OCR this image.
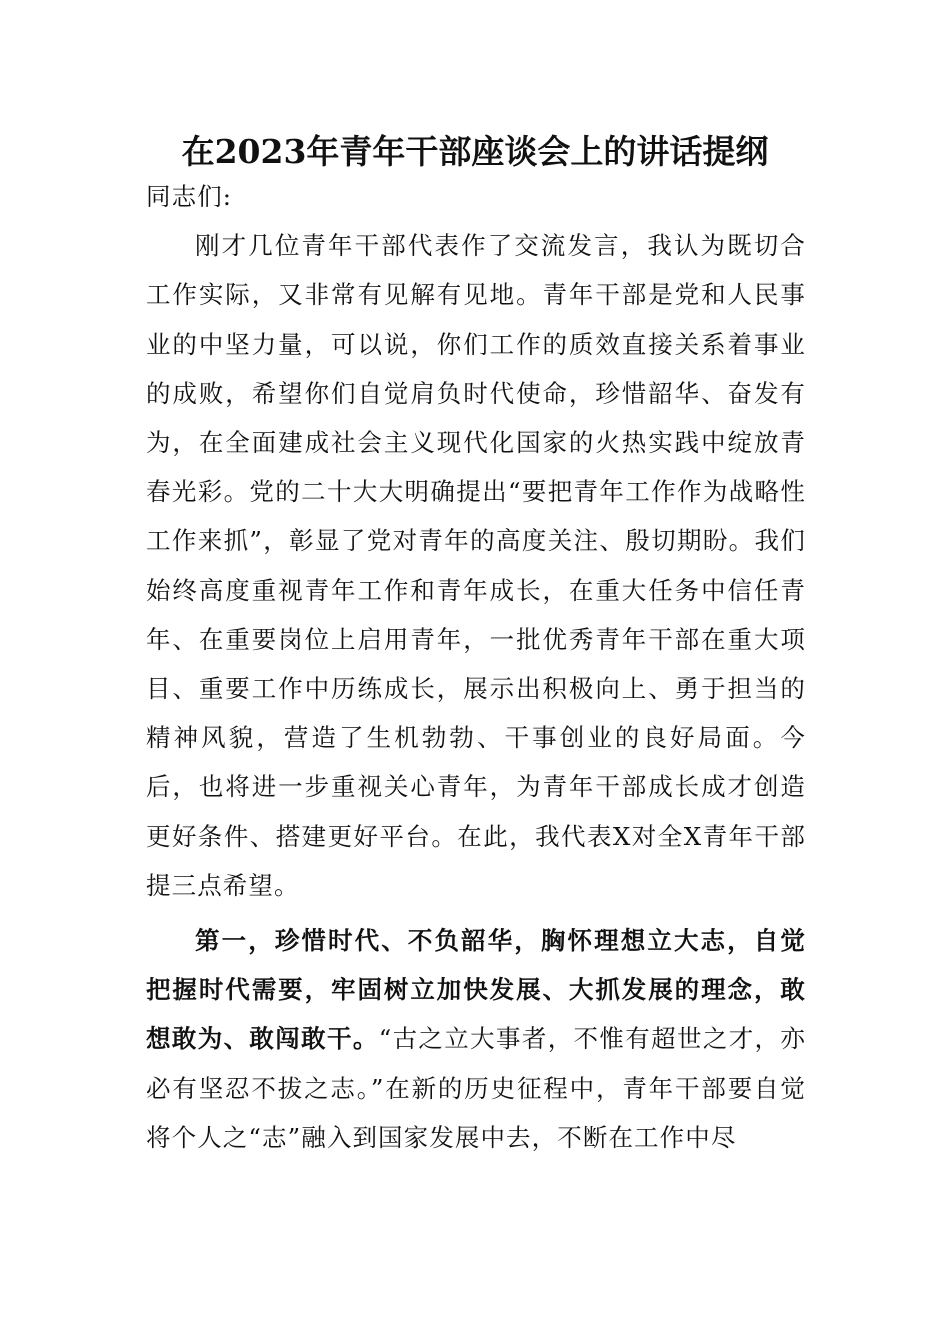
在2023年青年干部座谈会上的讲话提纲

同志们:

刚才几位青年干部代表作了交流发言，我认为既切合工作实际，又非常有见解有见地。青年干部是党和人民事业的中坚力量，可以说，你们工作的质效直接关系着事业的成败，希望你们自觉肩负时代使命，珍惜韶华、奋发有为，在全面建成社会主义现代化国家的火热实践中绽放青春光彩。党的二十大大明确提出“要把青年工作作为战略性工作来抓”，彰显了党对青年的高度关注、殷切期盼。我们始终高度重视青年工作和青年成长，在重大任务中信任青年、在重要岗位上启用青年，一批优秀青年干部在重大项目、重要工作中历练成长，展示出积极向上、勇于担当的精神风貌，营造了生机勃勃、干事创业的良好局面。今后，也将进一步重视关心青年，为青年干部成长成才创造更好条件、搭建更好平台。在此，我代表X对全X青年干部提三点希望。

第一，珍惜时代、不负韶华，胸怀理想立大志，自觉把握时代需要，牢固树立加快发展、大抓发展的理念，敢想敢为、敢闯敢干。“古之立大事者，不惟有超世之才，亦必有坚忍不拔之志。”在新的历史征程中，青年干部要自觉将个人之“志”融入到国家发展中去，不断在工作中尽
